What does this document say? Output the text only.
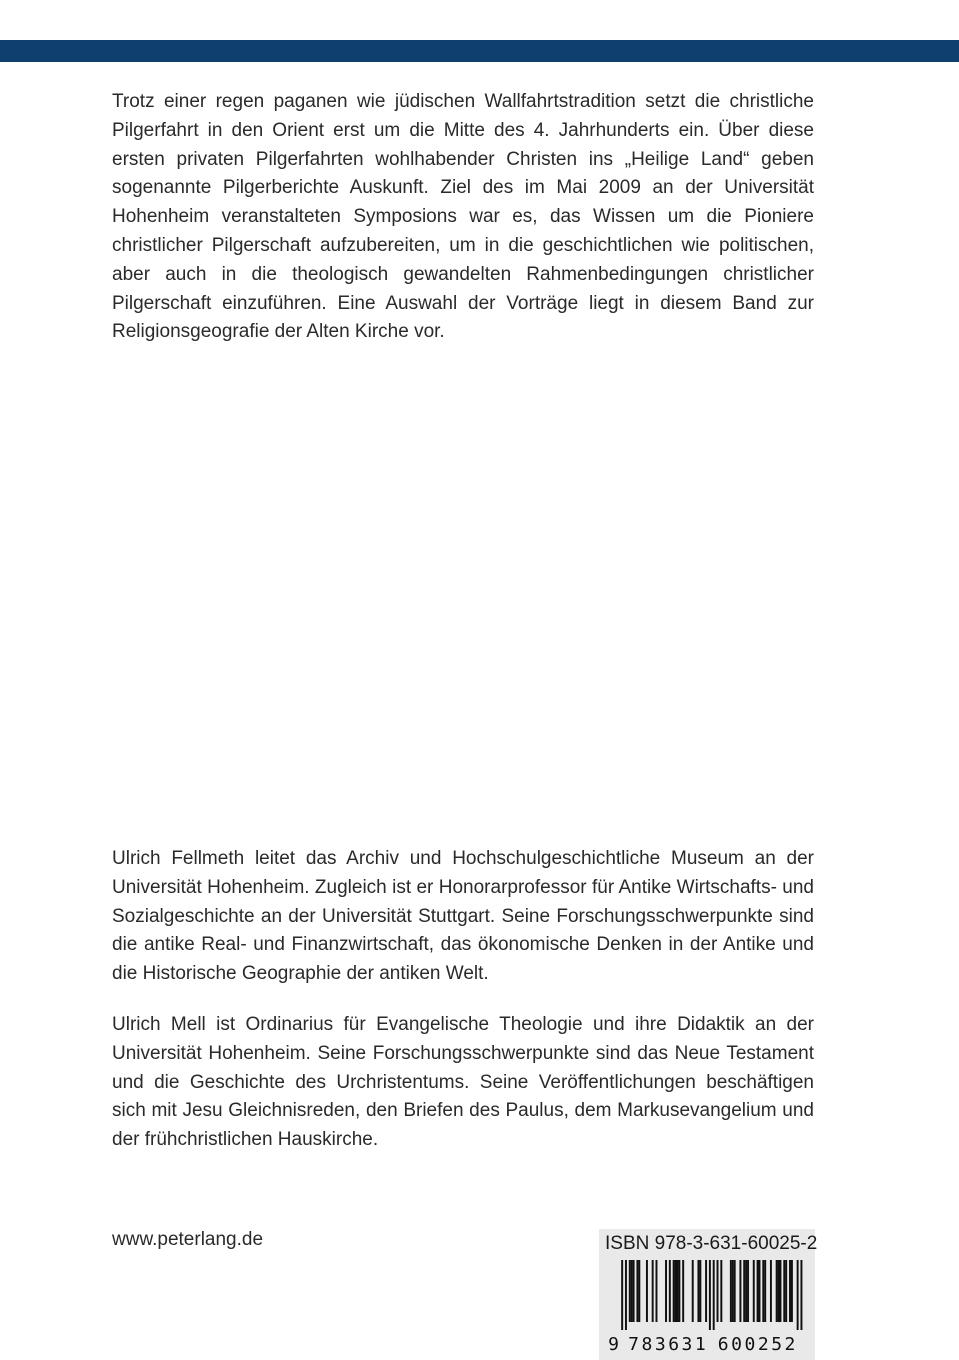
Trotz einer regen paganen wie jüdischen Wallfahrtstradition setzt die christliche Pilgerfahrt in den Orient erst um die Mitte des 4. Jahrhunderts ein. Über diese ersten privaten Pilgerfahrten wohlhabender Christen ins „Heilige Land“ geben sogenannte Pilgerberichte Auskunft. Ziel des im Mai 2009 an der Universität Hohenheim veranstalteten Symposions war es, das Wissen um die Pioniere christlicher Pilgerschaft aufzubereiten, um in die geschichtlichen wie politischen, aber auch in die theologisch gewandelten Rahmenbedingungen christlicher Pilgerschaft einzuführen. Eine Auswahl der Vorträge liegt in diesem Band zur Religionsgeografie der Alten Kirche vor.

Ulrich Fellmeth leitet das Archiv und Hochschulgeschichtliche Museum an der Universität Hohenheim. Zugleich ist er Honorarprofessor für Antike Wirtschafts- und Sozialgeschichte an der Universität Stuttgart. Seine Forschungsschwerpunkte sind die antike Real- und Finanzwirtschaft, das ökonomische Denken in der Antike und die Historische Geographie der antiken Welt.

Ulrich Mell ist Ordinarius für Evangelische Theologie und ihre Didaktik an der Universität Hohenheim. Seine Forschungsschwerpunkte sind das Neue Testament und die Geschichte des Urchristentums. Seine Veröffentlichungen beschäftigen sich mit Jesu Gleichnisreden, den Briefen des Paulus, dem Markusevangelium und der frühchristlichen Hauskirche.

www.peterlang.de	ISBN 978-3-631-60025-2
9 7 8 3 6 3 1 6 0 0 2 5 2
